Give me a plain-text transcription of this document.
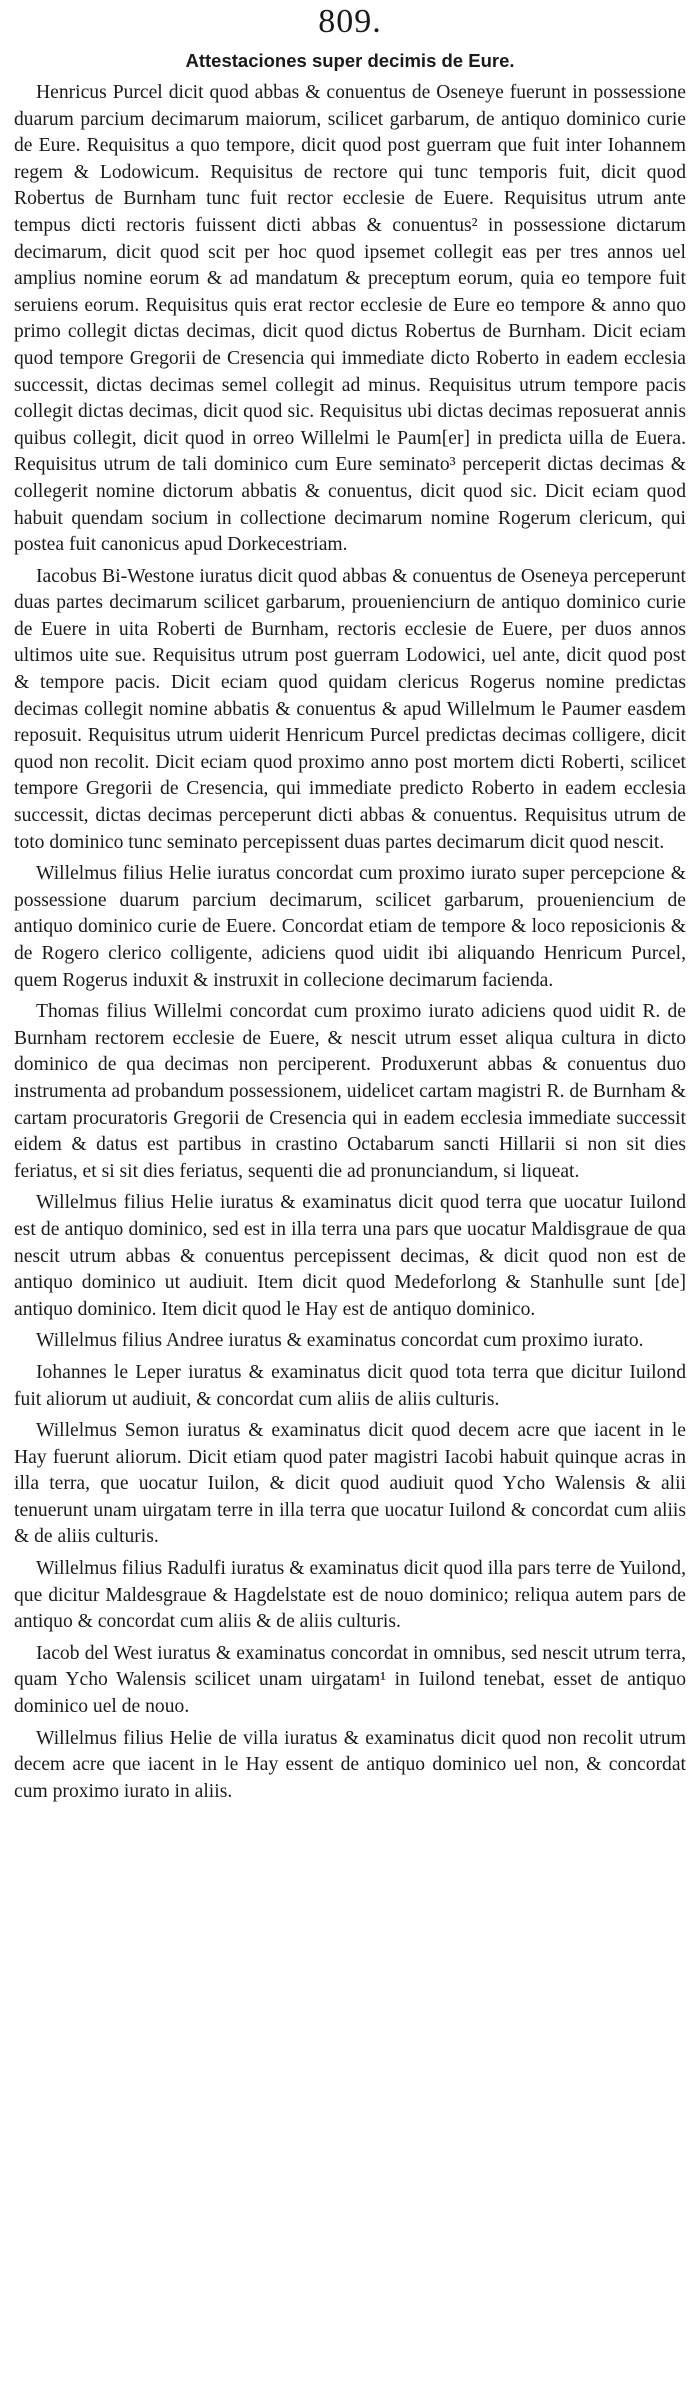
809.
Attestaciones super decimis de Eure.

Henricus Purcel dicit quod abbas & conuentus de Oseneye fuerunt in possessione duarum parcium decimarum maiorum, scilicet garbarum, de antiquo dominico curie de Eure. Requisitus a quo tempore, dicit quod post guerram que fuit inter Iohannem regem & Lodowicum. Requisitus de rectore qui tunc temporis fuit, dicit quod Robertus de Burnham tunc fuit rector ecclesie de Euere. Requisitus utrum ante tempus dicti rectoris fuissent dicti abbas & conuentus² in possessione dictarum decimarum, dicit quod scit per hoc quod ipsemet collegit eas per tres annos uel amplius nomine eorum & ad mandatum & preceptum eorum, quia eo tempore fuit seruiens eorum. Requisitus quis erat rector ecclesie de Eure eo tempore & anno quo primo collegit dictas decimas, dicit quod dictus Robertus de Burnham. Dicit eciam quod tempore Gregorii de Cresencia qui immediate dicto Roberto in eadem ecclesia successit, dictas decimas semel collegit ad minus. Requisitus utrum tempore pacis collegit dictas decimas, dicit quod sic. Requisitus ubi dictas decimas reposuerat annis quibus collegit, dicit quod in orreo Willelmi le Paum[er] in predicta uilla de Euera. Requisitus utrum de tali dominico cum Eure seminato³ perceperit dictas decimas & collegerit nomine dictorum abbatis & conuentus, dicit quod sic. Dicit eciam quod habuit quendam socium in collectione decimarum nomine Rogerum clericum, qui postea fuit canonicus apud Dorkecestriam.

Iacobus Bi-Westone iuratus dicit quod abbas & conuentus de Oseneya perceperunt duas partes decimarum scilicet garbarum, prouenienciurn de antiquo dominico curie de Euere in uita Roberti de Burnham, rectoris ecclesie de Euere, per duos annos ultimos uite sue. Requisitus utrum post guerram Lodowici, uel ante, dicit quod post & tempore pacis. Dicit eciam quod quidam clericus Rogerus nomine predictas decimas collegit nomine abbatis & conuentus & apud Willelmum le Paumer easdem reposuit. Requisitus utrum uiderit Henricum Purcel predictas decimas colligere, dicit quod non recolit. Dicit eciam quod proximo anno post mortem dicti Roberti, scilicet tempore Gregorii de Cresencia, qui immediate predicto Roberto in eadem ecclesia successit, dictas decimas perceperunt dicti abbas & conuentus. Requisitus utrum de toto dominico tunc seminato percepissent duas partes decimarum dicit quod nescit.

Willelmus filius Helie iuratus concordat cum proximo iurato super percepcione & possessione duarum parcium decimarum, scilicet garbarum, proueniencium de antiquo dominico curie de Euere. Concordat etiam de tempore & loco reposicionis & de Rogero clerico colligente, adiciens quod uidit ibi aliquando Henricum Purcel, quem Rogerus induxit & instruxit in collecione decimarum facienda.

Thomas filius Willelmi concordat cum proximo iurato adiciens quod uidit R. de Burnham rectorem ecclesie de Euere, & nescit utrum esset aliqua cultura in dicto dominico de qua decimas non perciperent. Produxerunt abbas & conuentus duo instrumenta ad probandum possessionem, uidelicet cartam magistri R. de Burnham & cartam procuratoris Gregorii de Cresencia qui in eadem ecclesia immediate successit eidem & datus est partibus in crastino Octabarum sancti Hillarii si non sit dies feriatus, et si sit dies feriatus, sequenti die ad pronunciandum, si liqueat.

Willelmus filius Helie iuratus & examinatus dicit quod terra que uocatur Iuilond est de antiquo dominico, sed est in illa terra una pars que uocatur Maldisgraue de qua nescit utrum abbas & conuentus percepissent decimas, & dicit quod non est de antiquo dominico ut audiuit. Item dicit quod Medeforlong & Stanhulle sunt [de] antiquo dominico. Item dicit quod le Hay est de antiquo dominico.

Willelmus filius Andree iuratus & examinatus concordat cum proximo iurato.

Iohannes le Leper iuratus & examinatus dicit quod tota terra que dicitur Iuilond fuit aliorum ut audiuit, & concordat cum aliis de aliis culturis.

Willelmus Semon iuratus & examinatus dicit quod decem acre que iacent in le Hay fuerunt aliorum. Dicit etiam quod pater magistri Iacobi habuit quinque acras in illa terra, que uocatur Iuilon, & dicit quod audiuit quod Ycho Walensis & alii tenuerunt unam uirgatam terre in illa terra que uocatur Iuilond & concordat cum aliis & de aliis culturis.

Willelmus filius Radulfi iuratus & examinatus dicit quod illa pars terre de Yuilond, que dicitur Maldesgraue & Hagdelstate est de nouo dominico; reliqua autem pars de antiquo & concordat cum aliis & de aliis culturis.

Iacob del West iuratus & examinatus concordat in omnibus, sed nescit utrum terra, quam Ycho Walensis scilicet unam uirgatam¹ in Iuilond tenebat, esset de antiquo dominico uel de nouo.

Willelmus filius Helie de villa iuratus & examinatus dicit quod non recolit utrum decem acre que iacent in le Hay essent de antiquo dominico uel non, & concordat cum proximo iurato in aliis.
